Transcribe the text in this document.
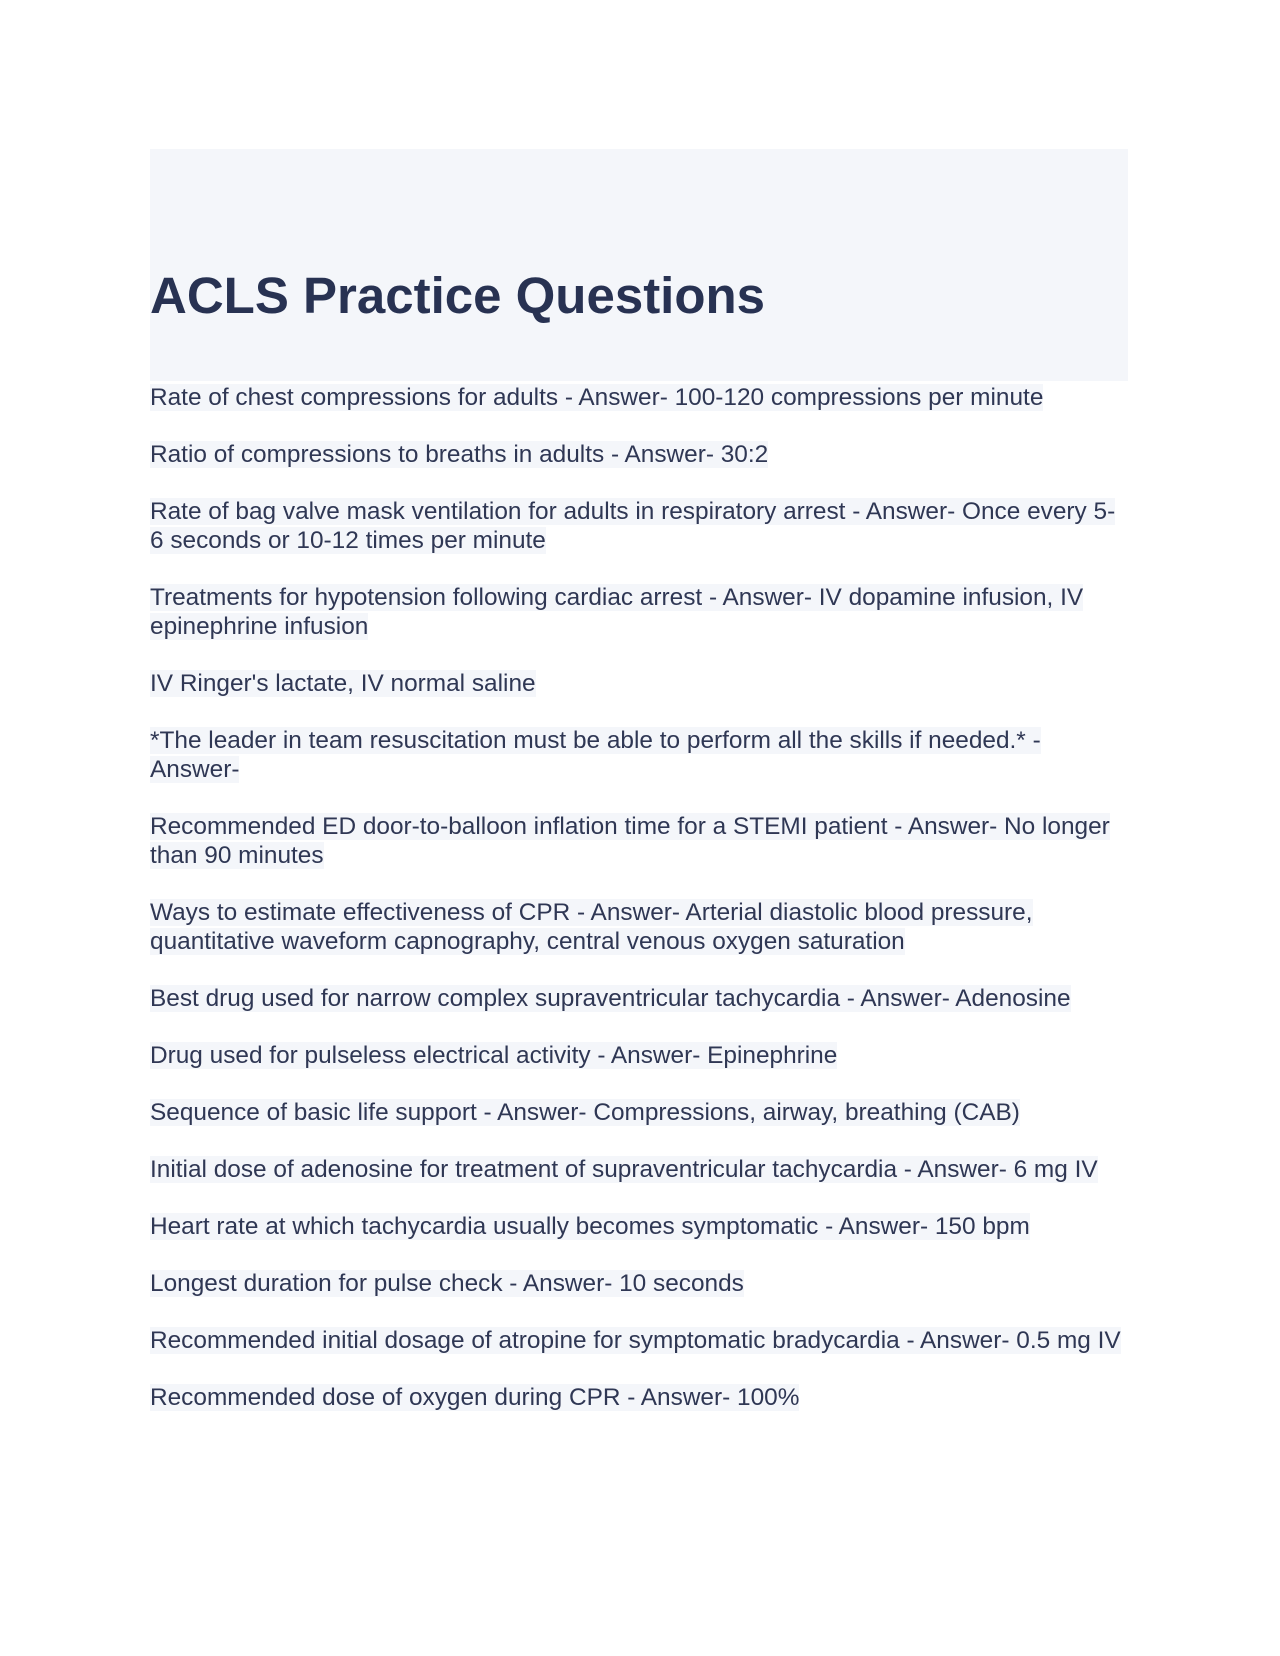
ACLS Practice Questions

Rate of chest compressions for adults - Answer- 100-120 compressions per minute

Ratio of compressions to breaths in adults - Answer- 30:2

Rate of bag valve mask ventilation for adults in respiratory arrest - Answer- Once every 5-6 seconds or 10-12 times per minute

Treatments for hypotension following cardiac arrest - Answer- IV dopamine infusion, IV epinephrine infusion

IV Ringer's lactate, IV normal saline

*The leader in team resuscitation must be able to perform all the skills if needed.* - Answer-

Recommended ED door-to-balloon inflation time for a STEMI patient - Answer- No longer than 90 minutes

Ways to estimate effectiveness of CPR - Answer- Arterial diastolic blood pressure, quantitative waveform capnography, central venous oxygen saturation

Best drug used for narrow complex supraventricular tachycardia - Answer- Adenosine

Drug used for pulseless electrical activity - Answer- Epinephrine

Sequence of basic life support - Answer- Compressions, airway, breathing (CAB)

Initial dose of adenosine for treatment of supraventricular tachycardia - Answer- 6 mg IV

Heart rate at which tachycardia usually becomes symptomatic - Answer- 150 bpm

Longest duration for pulse check - Answer- 10 seconds

Recommended initial dosage of atropine for symptomatic bradycardia - Answer- 0.5 mg IV

Recommended dose of oxygen during CPR - Answer- 100%
